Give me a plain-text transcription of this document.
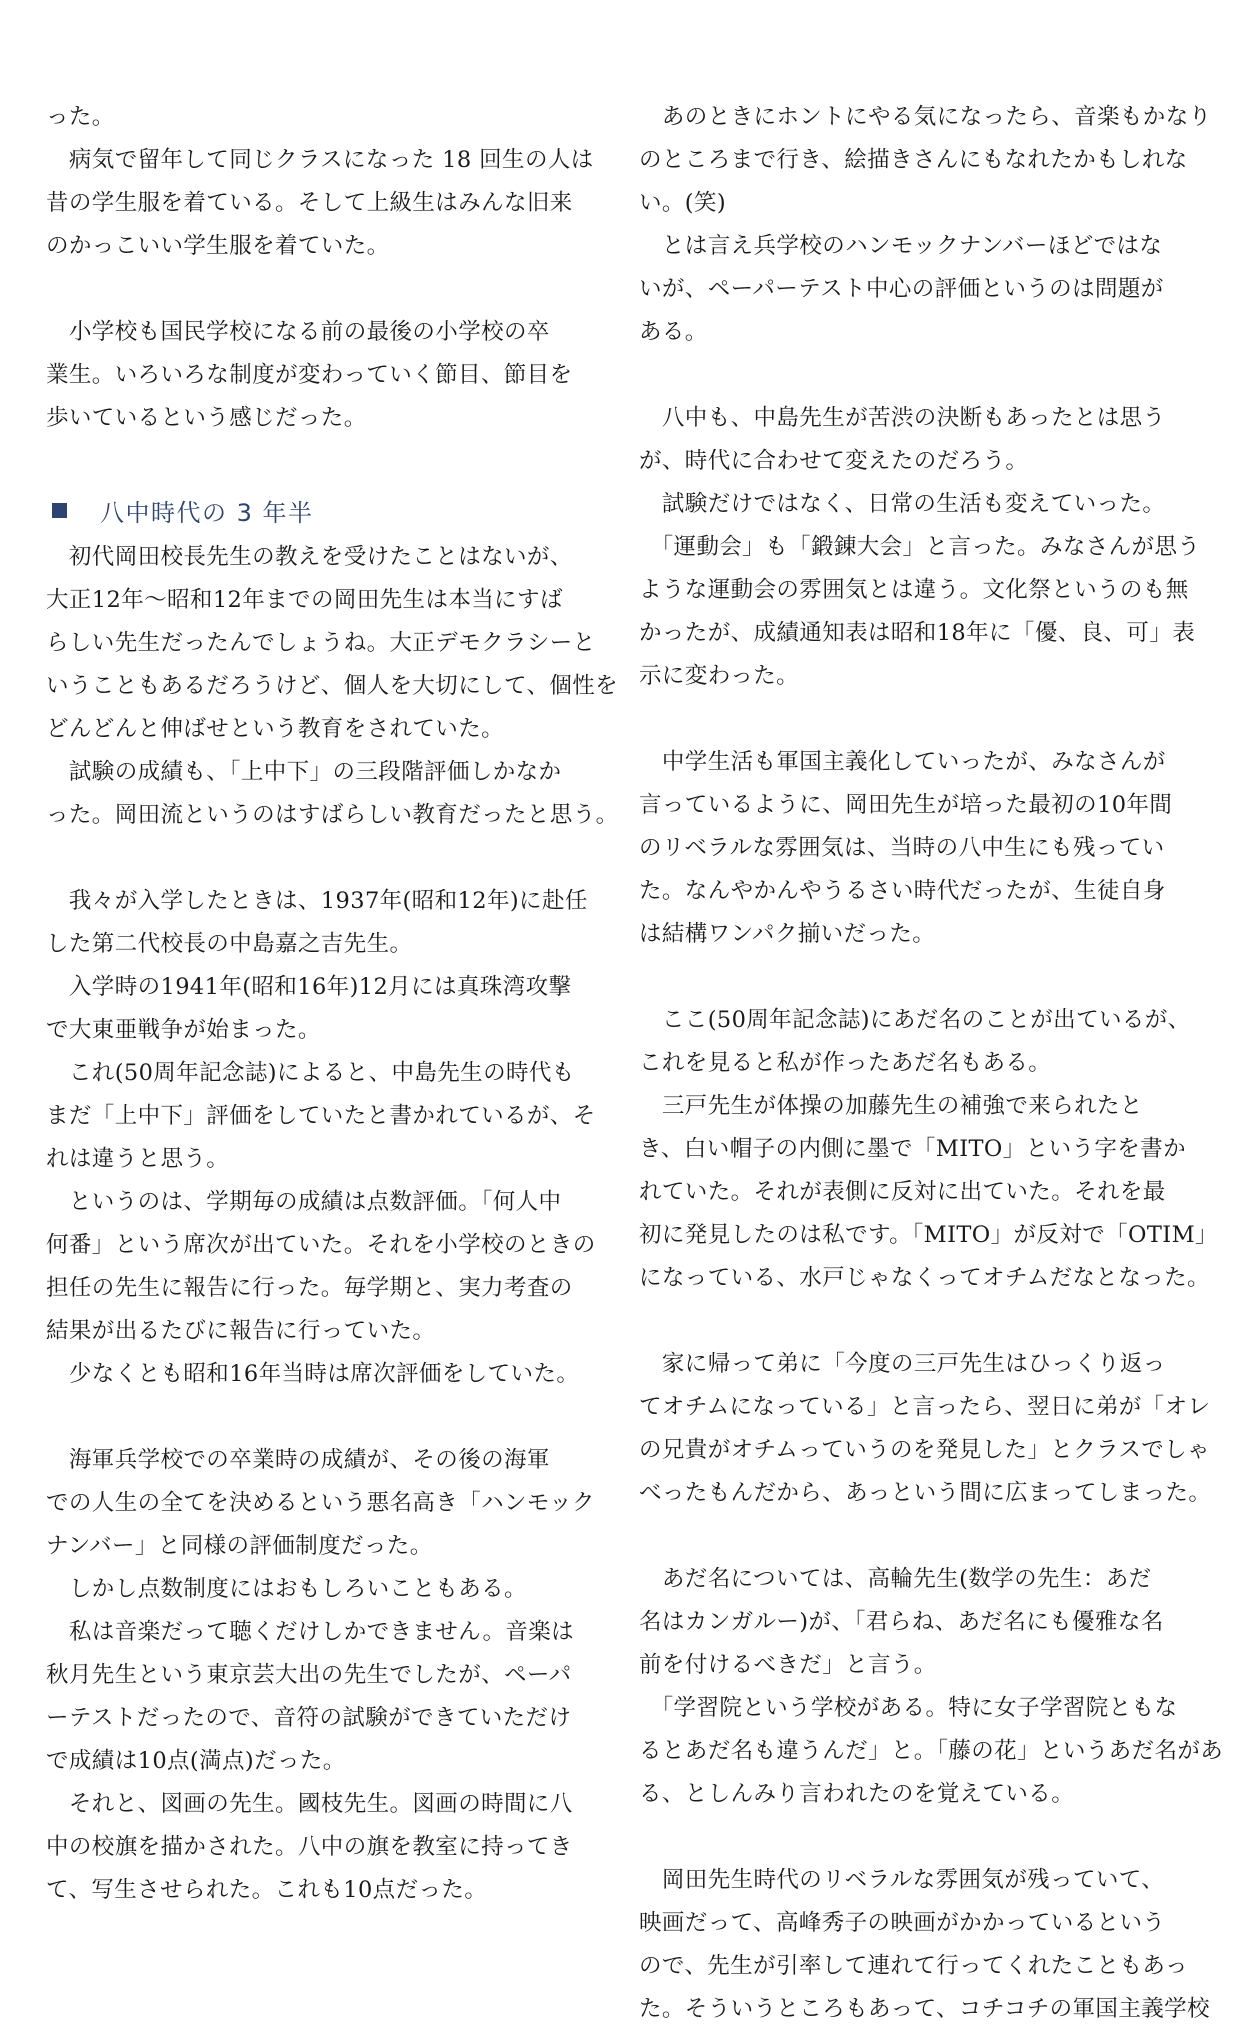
った。
　病気で留年して同じクラスになった 18 回生の人は
昔の学生服を着ている。そして上級生はみんな旧来
のかっこいい学生服を着ていた。
　小学校も国民学校になる前の最後の小学校の卒
業生。いろいろな制度が変わっていく節目、節目を
歩いているという感じだった。
八中時代の 3 年半
　初代岡田校長先生の教えを受けたことはないが、
大正12年～昭和12年までの岡田先生は本当にすば
らしい先生だったんでしょうね。大正デモクラシーと
いうこともあるだろうけど、個人を大切にして、個性を
どんどんと伸ばせという教育をされていた。
　試験の成績も、「上中下」の三段階評価しかなか
った。岡田流というのはすばらしい教育だったと思う。
　我々が入学したときは、1937年(昭和12年)に赴任
した第二代校長の中島嘉之吉先生。
　入学時の1941年(昭和16年)12月には真珠湾攻撃
で大東亜戦争が始まった。
　これ(50周年記念誌)によると、中島先生の時代も
まだ「上中下」評価をしていたと書かれているが、そ
れは違うと思う。
　というのは、学期毎の成績は点数評価。「何人中
何番」という席次が出ていた。それを小学校のときの
担任の先生に報告に行った。毎学期と、実力考査の
結果が出るたびに報告に行っていた。
　少なくとも昭和16年当時は席次評価をしていた。
　海軍兵学校での卒業時の成績が、その後の海軍
での人生の全てを決めるという悪名高き「ハンモック
ナンバー」と同様の評価制度だった。
　しかし点数制度にはおもしろいこともある。
　私は音楽だって聴くだけしかできません。音楽は
秋月先生という東京芸大出の先生でしたが、ペーパ
ーテストだったので、音符の試験ができていただけ
で成績は10点(満点)だった。
　それと、図画の先生。國枝先生。図画の時間に八
中の校旗を描かされた。八中の旗を教室に持ってき
て、写生させられた。これも10点だった。
　あのときにホントにやる気になったら、音楽もかなり
のところまで行き、絵描きさんにもなれたかもしれな
い。(笑)
　とは言え兵学校のハンモックナンバーほどではな
いが、ペーパーテスト中心の評価というのは問題が
ある。
　八中も、中島先生が苦渋の決断もあったとは思う
が、時代に合わせて変えたのだろう。
　試験だけではなく、日常の生活も変えていった。
　「運動会」も「鍛錬大会」と言った。みなさんが思う
ような運動会の雰囲気とは違う。文化祭というのも無
かったが、成績通知表は昭和18年に「優、良、可」表
示に変わった。
　中学生活も軍国主義化していったが、みなさんが
言っているように、岡田先生が培った最初の10年間
のリベラルな雰囲気は、当時の八中生にも残ってい
た。なんやかんやうるさい時代だったが、生徒自身
は結構ワンパク揃いだった。
　ここ(50周年記念誌)にあだ名のことが出ているが、
これを見ると私が作ったあだ名もある。
　三戸先生が体操の加藤先生の補強で来られたと
き、白い帽子の内側に墨で「MITO」という字を書か
れていた。それが表側に反対に出ていた。それを最
初に発見したのは私です。「MITO」が反対で「OTIM」
になっている、水戸じゃなくってオチムだなとなった。
　家に帰って弟に「今度の三戸先生はひっくり返っ
てオチムになっている」と言ったら、翌日に弟が「オレ
の兄貴がオチムっていうのを発見した」とクラスでしゃ
べったもんだから、あっという間に広まってしまった。
　あだ名については、高輪先生(数学の先生：あだ
名はカンガルー)が、「君らね、あだ名にも優雅な名
前を付けるべきだ」と言う。
　「学習院という学校がある。特に女子学習院ともな
るとあだ名も違うんだ」と。「藤の花」というあだ名があ
る、としんみり言われたのを覚えている。
　岡田先生時代のリベラルな雰囲気が残っていて、
映画だって、高峰秀子の映画がかかっているという
ので、先生が引率して連れて行ってくれたこともあっ
た。そういうところもあって、コチコチの軍国主義学校
